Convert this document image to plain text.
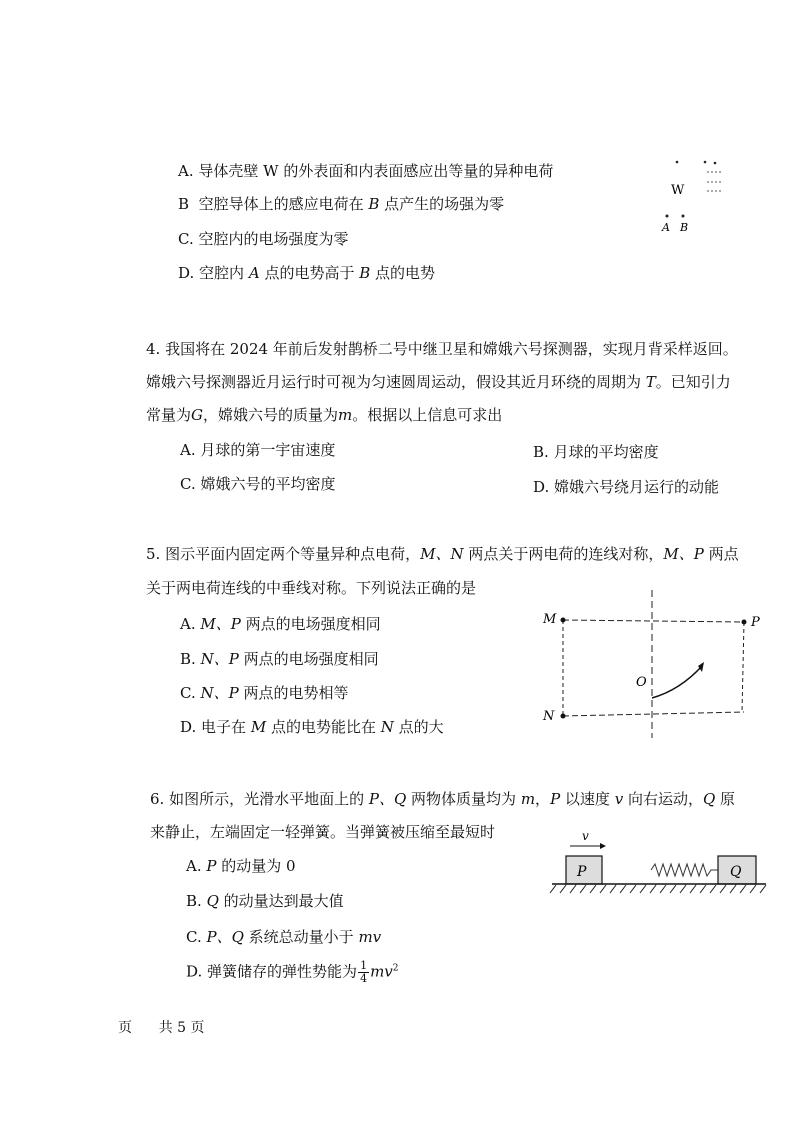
A. 导体壳壁 W 的外表面和内表面感应出等量的异种电荷
B 空腔导体上的感应电荷在 B 点产生的场强为零
C. 空腔内的电场强度为零
D. 空腔内 A 点的电势高于 B 点的电势
W
A B
4. 我国将在 2024 年前后发射鹊桥二号中继卫星和嫦娥六号探测器，实现月背采样返回。
嫦娥六号探测器近月运行时可视为匀速圆周运动，假设其近月环绕的周期为 T。已知引力
常量为G，嫦娥六号的质量为m。根据以上信息可求出
A. 月球的第一宇宙速度	B. 月球的平均密度
C. 嫦娥六号的平均密度	D. 嫦娥六号绕月运行的动能
5. 图示平面内固定两个等量异种点电荷，M、N 两点关于两电荷的连线对称，M、P 两点
关于两电荷连线的中垂线对称。下列说法正确的是
A. M、P 两点的电场强度相同
B. N、P 两点的电场强度相同
C. N、P 两点的电势相等
D. 电子在 M 点的电势能比在 N 点的大
M
N
P
O
6. 如图所示，光滑水平地面上的 P、Q 两物体质量均为 m，P 以速度 v 向右运动，Q 原
来静止，左端固定一轻弹簧。当弹簧被压缩至最短时
A. P 的动量为 0
B. Q 的动量达到最大值
C. P、Q 系统总动量小于 mv
D. 弹簧储存的弹性势能为 $\frac{1}{4} mv^2$
v
P	Q
页 共 5 页
